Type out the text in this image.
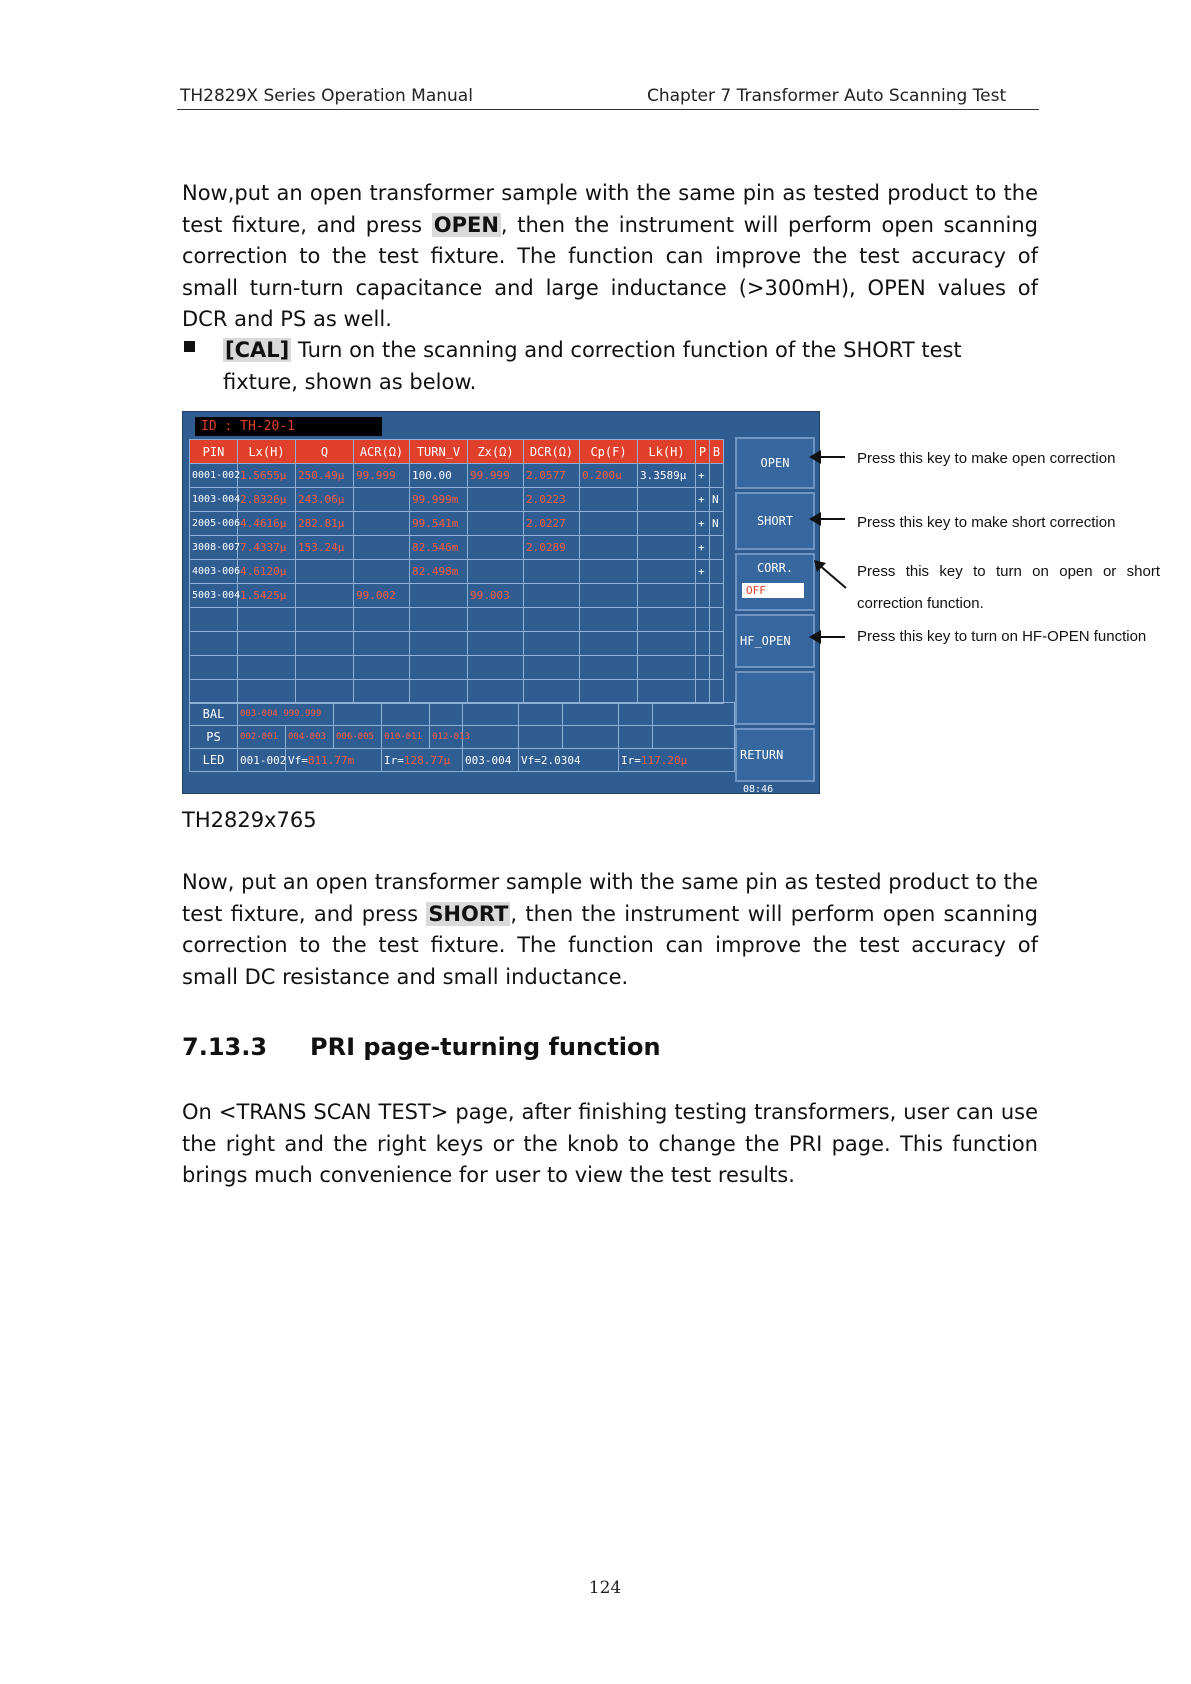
TH2829X Series Operation Manual	Chapter 7 Transformer Auto Scanning Test
Now,put an open transformer sample with the same pin as tested product to the test fixture, and press OPEN, then the instrument will perform open scanning correction to the test fixture. The function can improve the test accuracy of small turn-turn capacitance and large inductance (>300mH), OPEN values of DCR and PS as well.
[CAL] Turn on the scanning and correction function of the SHORT test fixture, shown as below.
ID : TH-20-1
PIN	Lx(H)	Q	ACR(Ω)	TURN_V	Zx(Ω)	DCR(Ω)	Cp(F)	Lk(H)	P	B
0001-002	1.5655μ	250.49μ	99.999	100.00	99.999	2.0577	0.200u	3.3589μ	+	
1003-004	2.8326μ	243.06μ		99.999m		2.0223			+	N
2005-006	4.4616μ	282.81μ		99.541m		2.0227			+	N
3008-007	7.4337μ	153.24μ		82.546m		2.0289			+	
4003-006	4.6120μ			82.498m					+	
5003-004	1.5425μ		99.002		99.003					

BAL	003-004 999.999									
PS	002-001	004-003	006-005	010-011	012-013					
LED	001-002	Vf=811.77m		Ir=128.77μ		003-004	Vf=2.0304		Ir=117.20μ	
OPEN
SHORT
CORR.
OFF
HF_OPEN
RETURN
08:46
Press this key to make open correction
Press this key to make short correction
Press this key to turn on open or short correction function.
Press this key to turn on HF-OPEN function
TH2829x765
Now, put an open transformer sample with the same pin as tested product to the test fixture, and press SHORT, then the instrument will perform open scanning correction to the test fixture. The function can improve the test accuracy of small DC resistance and small inductance.
7.13.3 PRI page-turning function
On <TRANS SCAN TEST> page, after finishing testing transformers, user can use the right and the right keys or the knob to change the PRI page. This function brings much convenience for user to view the test results.
124
